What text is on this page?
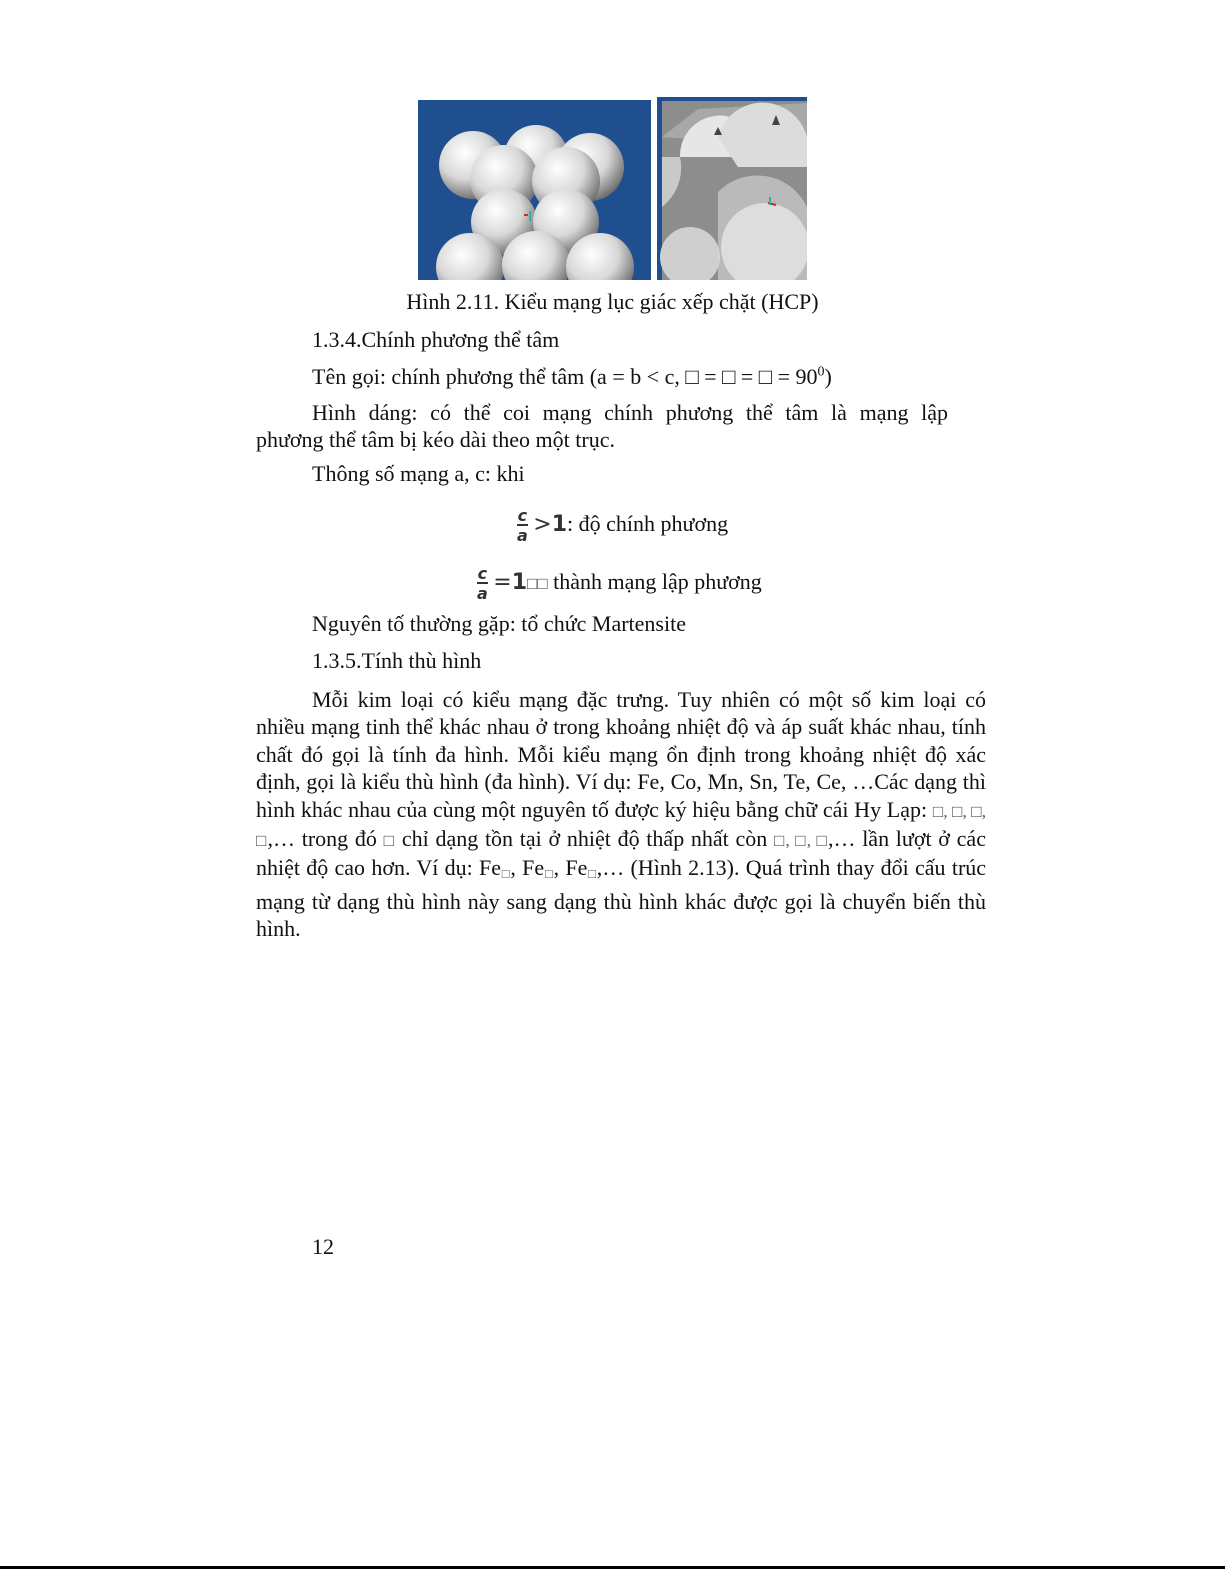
Hình 2.11. Kiểu mạng lục giác xếp chặt (HCP)
1.3.4.Chính phương thể tâm
Tên gọi: chính phương thể tâm (a = b < c, □ = □ = □ = $90^0$)
Hình dáng: có thể coi mạng chính phương thể tâm là mạng lập
phương thể tâm bị kéo dài theo một trục.
Thông số mạng a, c: khi
$\frac{c}{a} >1$: độ chính phương
$\frac{c}{a}$ =1□□ thành mạng lập phương
Nguyên tố thường gặp: tổ chức Martensite
1.3.5.Tính thù hình
Mỗi kim loại có kiểu mạng đặc trưng. Tuy nhiên có một số kim loại có nhiều mạng tinh thể khác nhau ở trong khoảng nhiệt độ và áp suất khác nhau, tính chất đó gọi là tính đa hình. Mỗi kiểu mạng ổn định trong khoảng nhiệt độ xác định, gọi là kiểu thù hình (đa hình). Ví dụ: Fe, Co, Mn, Sn, Te, Ce, …Các dạng thì hình khác nhau của cùng một nguyên tố được ký hiệu bằng chữ cái Hy Lạp: □, □, □, □,… trong đó □ chỉ dạng tồn tại ở nhiệt độ thấp nhất còn □, □, □,… lần lượt ở các nhiệt độ cao hơn. Ví dụ: $Fe_□$, $Fe_□$, $Fe_□,\dots$ (Hình 2.13). Quá trình thay đổi cấu trúc mạng từ dạng thù hình này sang dạng thù hình khác được gọi là chuyển biến thù hình.
12
